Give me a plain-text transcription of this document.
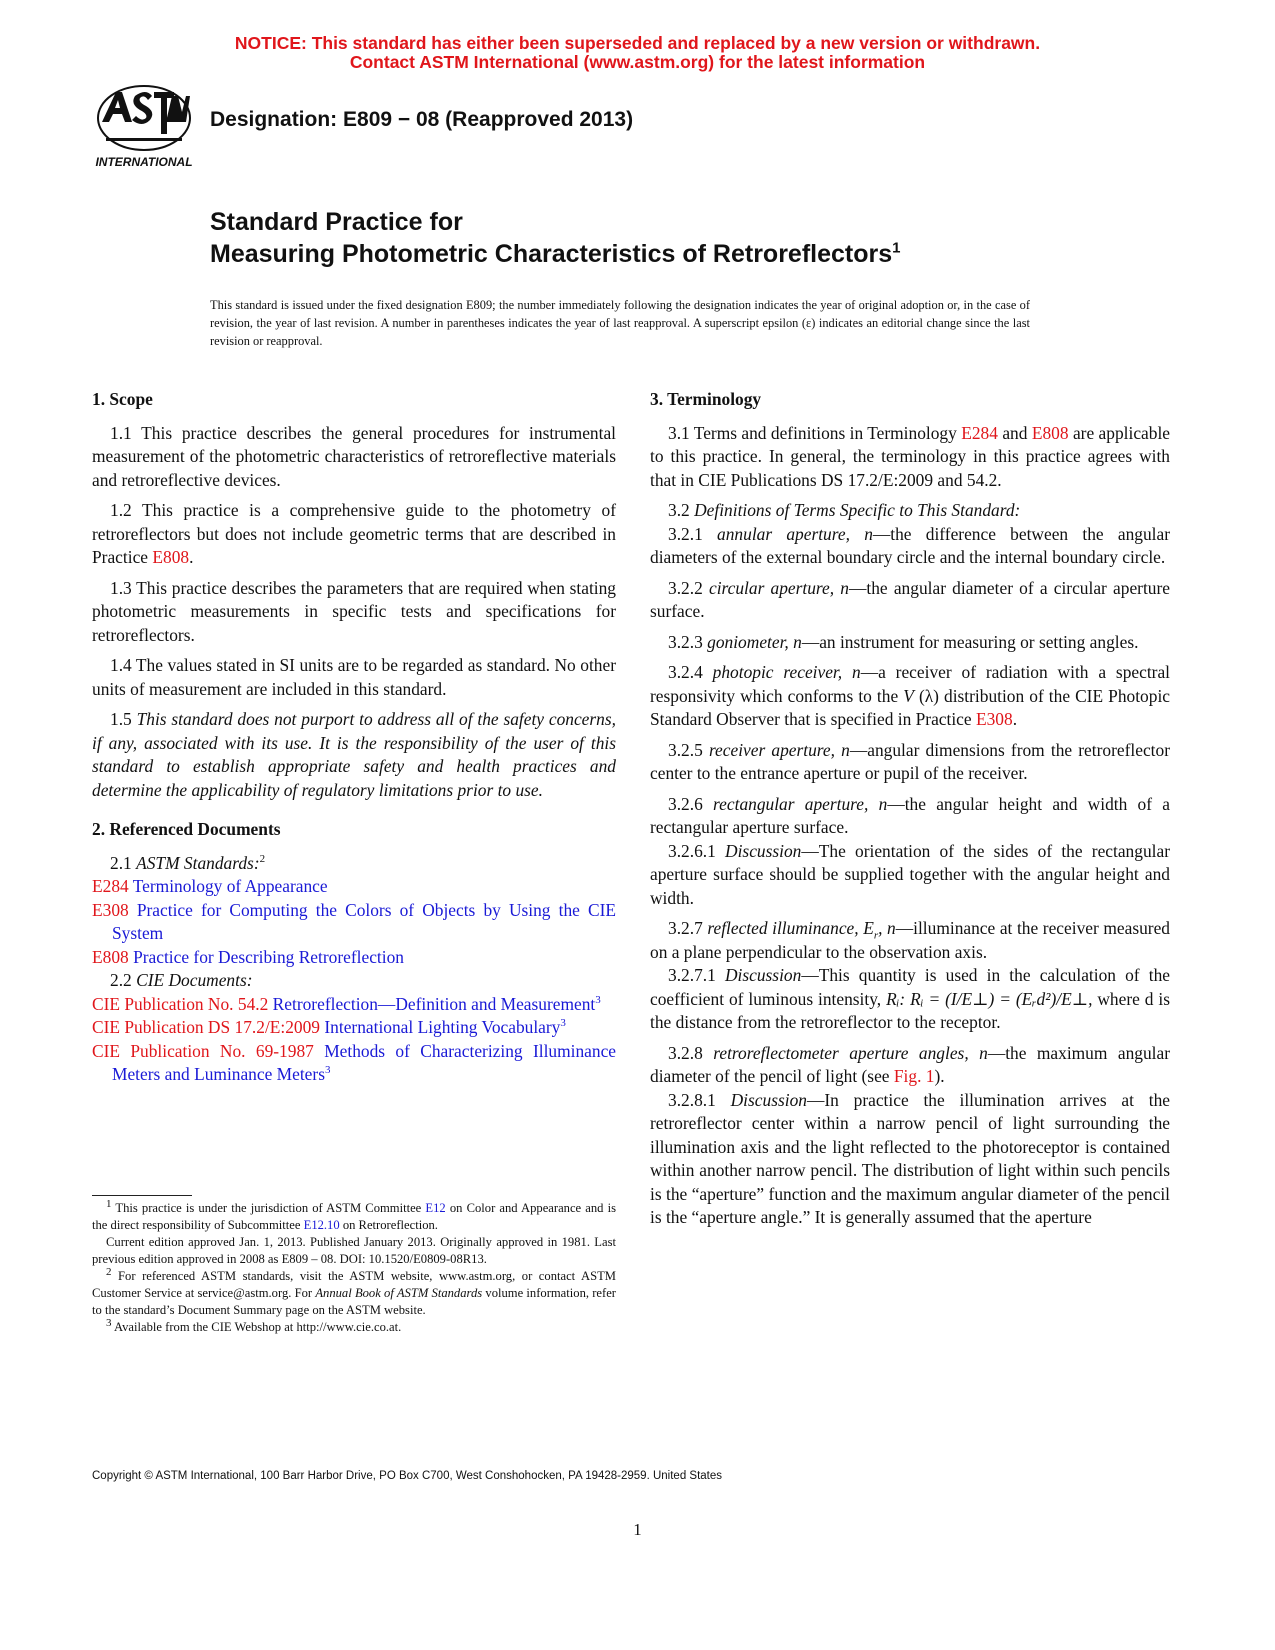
NOTICE: This standard has either been superseded and replaced by a new version or withdrawn.
Contact ASTM International (www.astm.org) for the latest information
INTERNATIONAL
Designation: E809 − 08 (Reapproved 2013)
Standard Practice for
Measuring Photometric Characteristics of Retroreflectors$^1$
This standard is issued under the fixed designation E809; the number immediately following the designation indicates the year of original adoption or, in the case of revision, the year of last revision. A number in parentheses indicates the year of last reapproval. A superscript epsilon (ε) indicates an editorial change since the last revision or reapproval.
1. Scope
1.1 This practice describes the general procedures for instrumental measurement of the photometric characteristics of retroreflective materials and retroreflective devices.
1.2 This practice is a comprehensive guide to the photometry of retroreflectors but does not include geometric terms that are described in Practice E808.
1.3 This practice describes the parameters that are required when stating photometric measurements in specific tests and specifications for retroreflectors.
1.4 The values stated in SI units are to be regarded as standard. No other units of measurement are included in this standard.
1.5 This standard does not purport to address all of the safety concerns, if any, associated with its use. It is the responsibility of the user of this standard to establish appropriate safety and health practices and determine the applicability of regulatory limitations prior to use.
2. Referenced Documents
2.1 ASTM Standards:$^2$
E284 Terminology of Appearance
E308 Practice for Computing the Colors of Objects by Using the CIE System
E808 Practice for Describing Retroreflection
2.2 CIE Documents:
CIE Publication No. 54.2 Retroreflection—Definition and Measurement$^3$
CIE Publication DS 17.2/E:2009 International Lighting Vocabulary$^3$
CIE Publication No. 69-1987 Methods of Characterizing Illuminance Meters and Luminance Meters$^3$
$^1$ This practice is under the jurisdiction of ASTM Committee E12 on Color and Appearance and is the direct responsibility of Subcommittee E12.10 on Retroreflection.
Current edition approved Jan. 1, 2013. Published January 2013. Originally approved in 1981. Last previous edition approved in 2008 as E809 – 08. DOI: 10.1520/E0809-08R13.
$^2$ For referenced ASTM standards, visit the ASTM website, www.astm.org, or contact ASTM Customer Service at service@astm.org. For Annual Book of ASTM Standards volume information, refer to the standard’s Document Summary page on the ASTM website.
$^3$ Available from the CIE Webshop at http://www.cie.co.at.
3. Terminology
3.1 Terms and definitions in Terminology E284 and E808 are applicable to this practice. In general, the terminology in this practice agrees with that in CIE Publications DS 17.2/E:2009 and 54.2.
3.2 Definitions of Terms Specific to This Standard:
3.2.1 annular aperture, n—the difference between the angular diameters of the external boundary circle and the internal boundary circle.
3.2.2 circular aperture, n—the angular diameter of a circular aperture surface.
3.2.3 goniometer, n—an instrument for measuring or setting angles.
3.2.4 photopic receiver, n—a receiver of radiation with a spectral responsivity which conforms to the V (λ) distribution of the CIE Photopic Standard Observer that is specified in Practice E308.
3.2.5 receiver aperture, n—angular dimensions from the retroreflector center to the entrance aperture or pupil of the receiver.
3.2.6 rectangular aperture, n—the angular height and width of a rectangular aperture surface.
3.2.6.1 Discussion—The orientation of the sides of the rectangular aperture surface should be supplied together with the angular height and width.
3.2.7 reflected illuminance, $E_r$, n—illuminance at the receiver measured on a plane perpendicular to the observation axis.
3.2.7.1 Discussion—This quantity is used in the calculation of the coefficient of luminous intensity, Rᵢ: Rᵢ = (I/E⊥) = (Eᵣd²)/E⊥, where d is the distance from the retroreflector to the receptor.
3.2.8 retroreflectometer aperture angles, n—the maximum angular diameter of the pencil of light (see Fig. 1).
3.2.8.1 Discussion—In practice the illumination arrives at the retroreflector center within a narrow pencil of light surrounding the illumination axis and the light reflected to the photoreceptor is contained within another narrow pencil. The distribution of light within such pencils is the “aperture” function and the maximum angular diameter of the pencil is the “aperture angle.” It is generally assumed that the aperture
Copyright © ASTM International, 100 Barr Harbor Drive, PO Box C700, West Conshohocken, PA 19428-2959. United States
1
